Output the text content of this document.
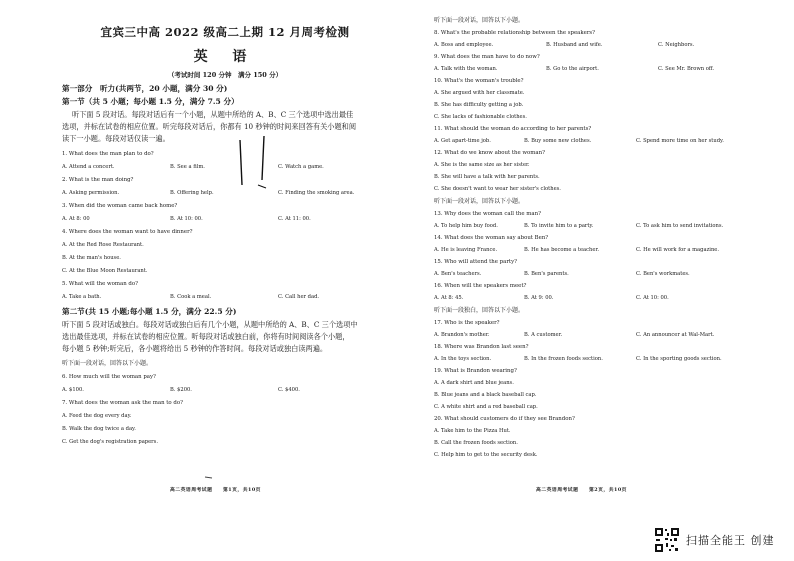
宜宾三中高 2022 级高二上期 12 月周考检测
英 语
（考试时间 120 分钟　满分 150 分）
第一部分　听力(共两节，20 小题，满分 30 分)
第一节（共 5 小题；每小题 1.5 分，满分 7.5 分）

听下面 5 段对话。每段对话后有一个小题，从题中所给的 A、B、C 三个选项中选出最佳

选项，并标在试卷的相应位置。听完每段对话后，你都有 10 秒钟的时间来回答有关小题和阅

读下一小题。每段对话仅读一遍。

1. What does the man plan to do?
A. Attend a concert.	B. See a film.	C. Watch a game.
2. What is the man doing?
A. Asking permission.	B. Offering help.	C. Finding the smoking area.
3. When did the woman came back home?
A. At 8: 00	B. At 10: 00.	C. At 11: 00.
4. Where does the woman want to have dinner?
A. At the Red Rose Restaurant.
B. At the man's house.
C. At the Blue Moon Restaurant.
5. What will the woman do?
A. Take a bath.	B. Cook a meal.	C. Call her dad.
第二节(共 15 小题;每小题 1.5 分，满分 22.5 分)

听下面 5 段对话或独白。每段对话或独白后有几个小题，从题中所给的 A、B、C 三个选项中

选出最佳选项，并标在试卷的相应位置。听每段对话或独白前，你将有时间阅读各个小题，

每小题 5 秒钟;听完后，各小题将给出 5 秒钟的作答时间。每段对话或独白读两遍。

听下面一段对话，回答以下小题。
6. How much will the woman pay?
A. $100.	B. $200.	C. $400.
7. What does the woman ask the man to do?
A. Feed the dog every day.
B. Walk the dog twice a day.
C. Get the dog's registration papers.
高二英语周考试题　　第1页，共10页
听下面一段对话，回答以下小题。
8. What's the probable relationship between the speakers?
A. Boss and employee.	B. Husband and wife.	C. Neighbors.
9. What does the man have to do now?
A. Talk with the woman.	B. Go to the airport.	C. See Mr. Brown off.
10. What's the woman's trouble?
A. She argued with her classmate.
B. She has difficulty getting a job.
C. She lacks of fashionable clothes.
11. What should the woman do according to her parents?
A. Get apart-time job.	B. Buy some new clothes.	C. Spend more time on her study.
12. What do we know about the woman?
A. She is the same size as her sister.
B. She will have a talk with her parents.
C. She doesn't want to wear her sister's clothes.
听下面一段对话，回答以下小题。
13. Why does the woman call the man?
A. To help him buy food.	B. To invite him to a party.	C. To ask him to send invitations.
14. What does the woman say about Ben?
A. He is leaving France.	B. He has become a teacher.	C. He will work for a magazine.
15. Who will attend the party?
A. Ben's teachers.	B. Ben's parents.	C. Ben's workmates.
16. When will the speakers meet?
A. At 8: 45.	B. At 9: 00.	C. At 10: 00.
听下面一段独白，回答以下小题。
17. Who is the speaker?
A. Brandon's mother.	B. A customer.	C. An announcer at Wal-Mart.
18. Where was Brandon last seen?
A. In the toys section.	B. In the frozen foods section.	C. In the sporting goods section.
19. What is Brandon wearing?
A. A dark shirt and blue jeans.
B. Blue jeans and a black baseball cap.
C. A white shirt and a red baseball cap.
20. What should customers do if they see Brandon?
A. Take him to the Pizza Hut.
B. Call the frozen foods section.
C. Help him to get to the security desk.
高二英语周考试题　　第2页，共10页
扫描全能王 创建
